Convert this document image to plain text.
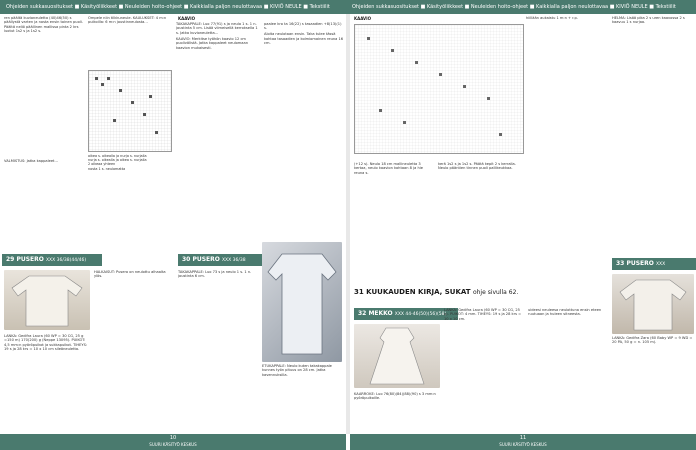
Ohjeiden sukkasuositukset ■ Käsityöliikkeet ■ Neuleiden hoito-ohjeet ■ Kaikkialla paljon neulottavaa ■ KIVIÖ NEULE ■ Tekstiilit	Ohjeiden sukkasuositukset ■ Käsityöliikkeet ■ Neuleiden hoito-ohjeet ■ Kaikkialla paljon neulottavaa ■ KIVIÖ NEULE ■ Tekstiilit

ren päältä kuvioneuletta (40)46(50) s päällystä varten ja nosta ensin toinen puoli. Päältä neliö päällinen mallissa pinta 2 krs luotut 1s2 s ja 1s2 s.

Ompele niin tilkkuneule. KAULUKSET: 4 m:n puikoilla: 6 m:n joustinneulosta...

VALMISTUS: Jatka kappaleet...

oikea s. oikealla ja nurja s. nurjalla
nurja s. oikealla ja oikea s. nurjalla
2 oikeaa yhteen
nosta 1 s. neulomatta
KAAVIO

TAKAKAPPALE: Luo 77(91) s ja neulo 1 s. 1 n. joustinta 5 cm. Lisää viimeisellä kerroksella 1 s. Jatka kuvioneuletta...

KAAVIO: Merkitse työhön kaavio 12 cm puolivälistä. Jatka kappaleet neulomaan kaavion mukaisesti.

paalee kro ta 16(22) s tasaadien +8(13)(1) s.

Aloita neulotaan ensin. Taka tulee tässä kohtaa tasaadien ja kolmiomainen reuna 16 cm.

29 PUSERO XXX 36/38(44/46)

LANKA: Gedifra Laura (60 WP = 30 CG, 25 g =150 m) 170(200) g (Neppe 13095). PUIKOT: 4,5 mm:n pyöröpuikot ja sukkapuikot. TIHEYS: 19 s ja 28 krs = 10 x 10 cm sileäneuletta.

HALKAISUT: Pusero on neulottu alhaalta ylös.

30 PUSERO XXX 36/38

TAKAKAPPALE: Luo 73 s ja neulo 1 s. 1 n. joustinta 6 cm.

ETUKAPPALE: Neulo kuten takakappale kunnes työn pituus on 28 cm. Jatka kavennuksilla.

KAAVIO

(+12 s). Neulo 18 cm mallineuletta 3 kertaa, neulo kaavion kohtaan 8 ja hie reuna s.

kerä 1s2 s ja 1s2 s. Päätä kepit 2 s kerralla. Neulo pääntien tinnen puoli pallikeukkaa.

hiillään aukaistu 1 m:n + r.p.	HELMA: Lisää pika 2 s uren kaavossa 2 s kaavuu 1 s nurjaa.

31 KUUKAUDEN KIRJA, SUKAT ohje sivulla 62.
32 MEKKO XXX 44-46(50)(56)(58)

KAARROKE: Luo 76(80)(84)(88)(90) s 3 mm:n pyöröpuikoille.

LANKA: Gedifra Laura (60 WP = 30 CG, 25 g). PUIKOT: 4 mm. TIHEYS: 19 s ja 28 krs = 10 x 10 cm.

uideesi neuleesa neulottuna ensin eteen ruutuaan ja huleen sitneesta.

33 PUSERO XXX

LANKA: Gedifra Zara (60 Baby WP = 9 WD = 20 PA, 50 g = n. 105 m).

10
SUURI KÄSITYÖ KESKUS
11
SUURI KÄSITYÖ KESKUS
